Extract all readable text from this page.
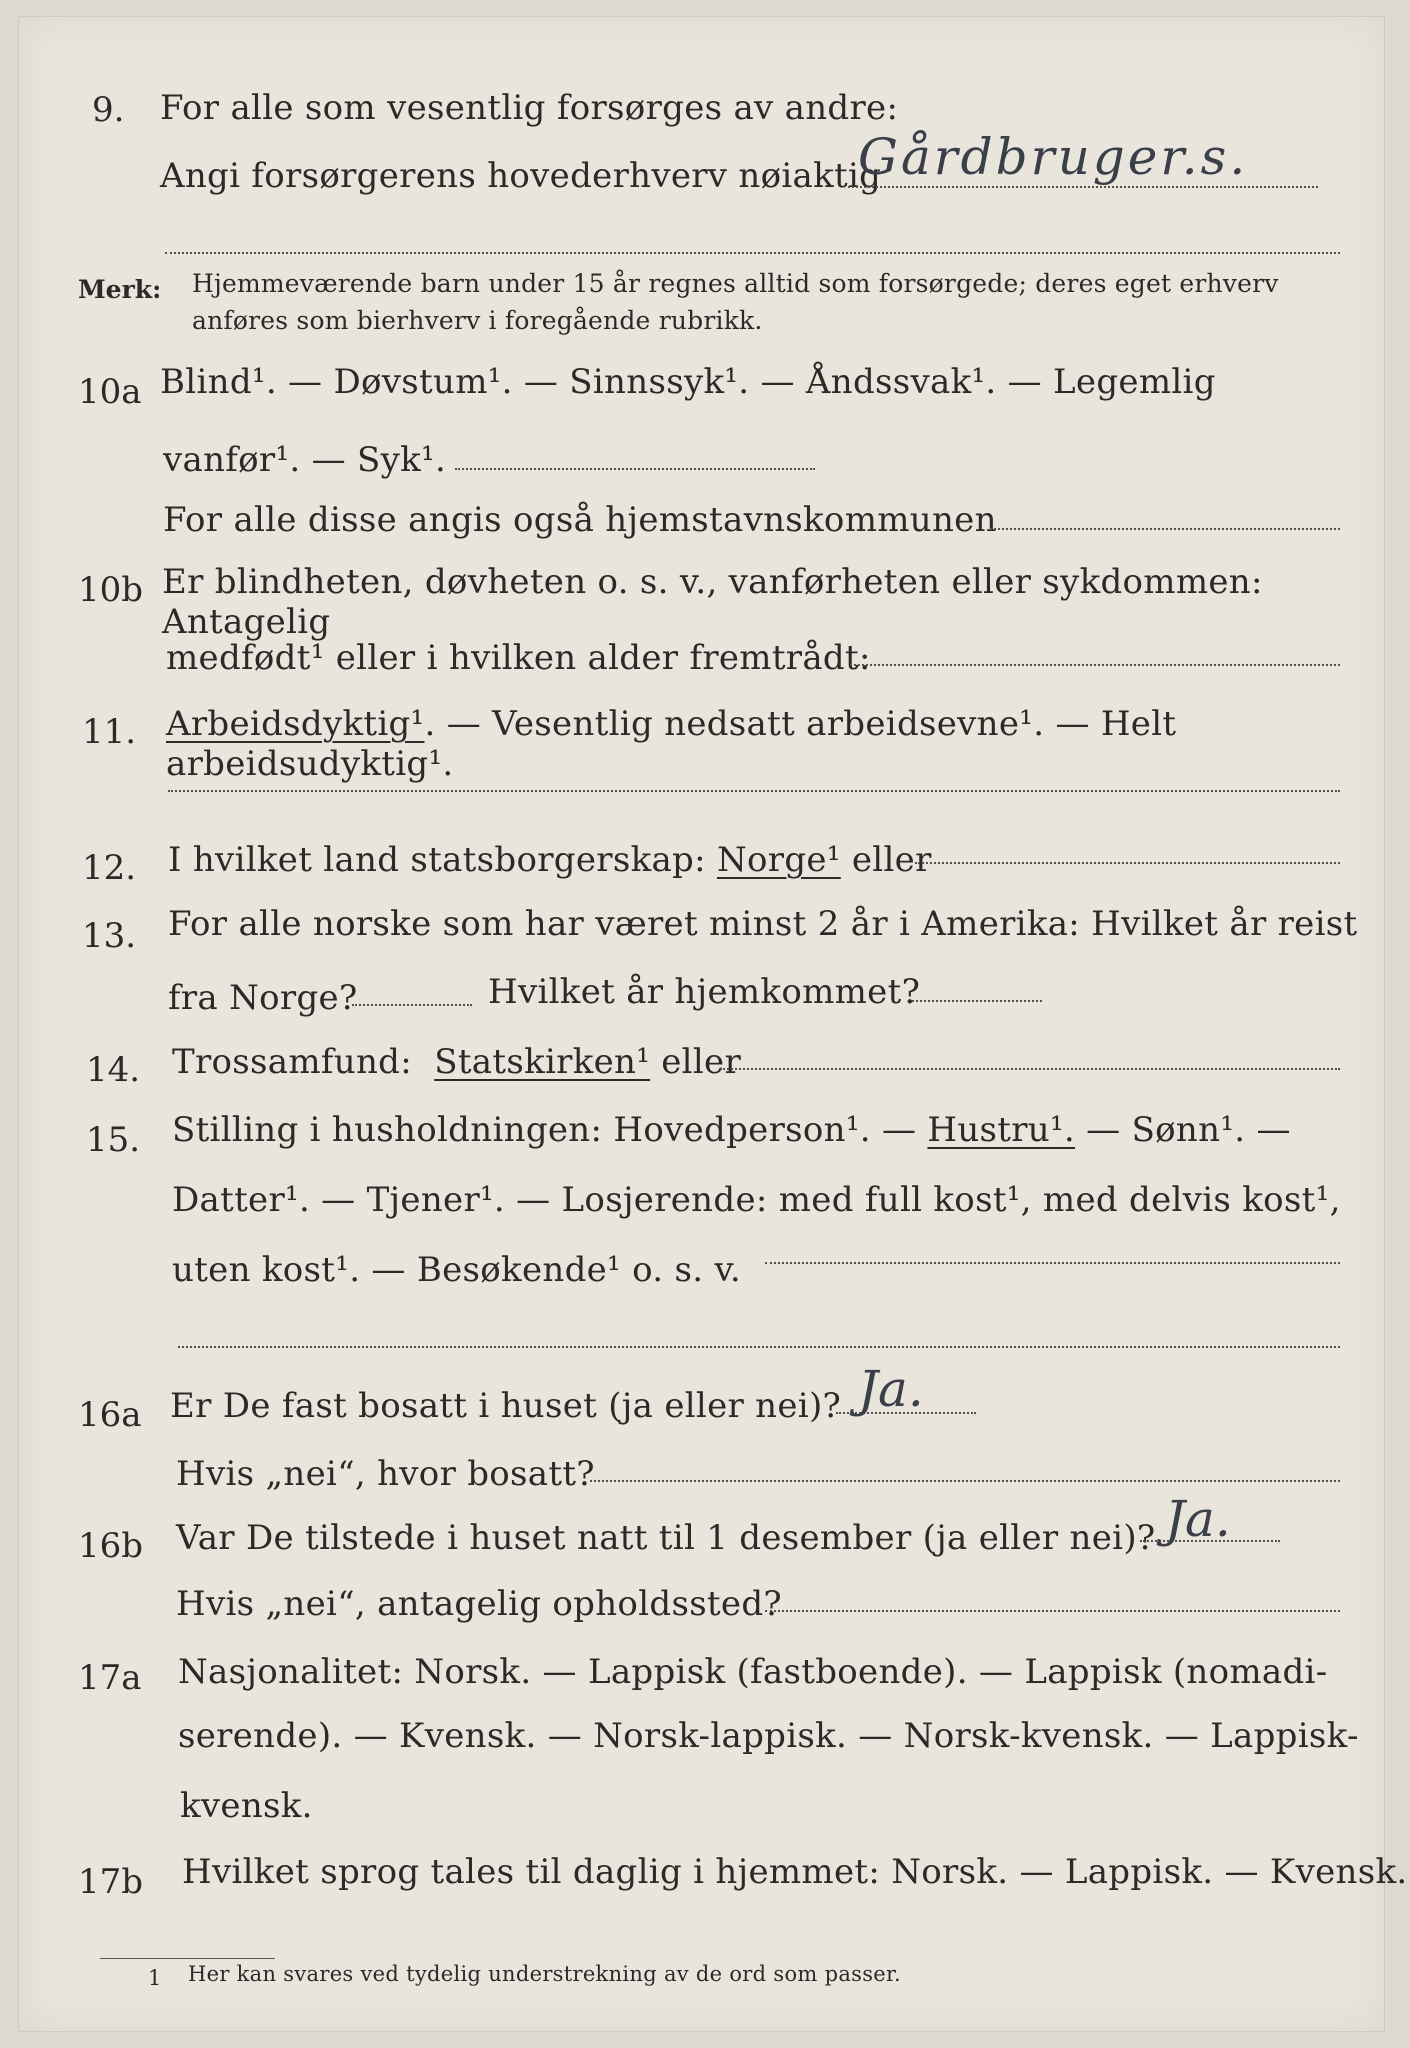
9. For alle som vesentlig forsørges av andre:
Angi forsørgerens hovederhverv nøiaktig
Gårdbruger.s.
Merk: Hjemmeværende barn under 15 år regnes alltid som forsørgede; deres eget erhverv
anføres som bierhverv i foregående rubrikk.
10a Blind¹. — Døvstum¹. — Sinnssyk¹. — Åndssvak¹. — Legemlig
vanfør¹. — Syk¹.
For alle disse angis også hjemstavnskommunen
10b Er blindheten, døvheten o. s. v., vanførheten eller sykdommen: Antagelig
medfødt¹ eller i hvilken alder fremtrådt:
11. Arbeidsdyktig¹. — Vesentlig nedsatt arbeidsevne¹. — Helt arbeidsudyktig¹.
12. I hvilket land statsborgerskap: Norge¹ eller
13. For alle norske som har været minst 2 år i Amerika: Hvilket år reist
fra Norge?	Hvilket år hjemkommet?
14. Trossamfund: Statskirken¹ eller
15. Stilling i husholdningen: Hovedperson¹. — Hustru¹. — Sønn¹. —
Datter¹. — Tjener¹. — Losjerende: med full kost¹, med delvis kost¹,
uten kost¹. — Besøkende¹ o. s. v.
16a Er De fast bosatt i huset (ja eller nei)? Ja.
Hvis „nei“, hvor bosatt?
16b Var De tilstede i huset natt til 1 desember (ja eller nei)? Ja.
Hvis „nei“, antagelig opholdssted?
17a Nasjonalitet: Norsk. — Lappisk (fastboende). — Lappisk (nomadi-
serende). — Kvensk. — Norsk-lappisk. — Norsk-kvensk. — Lappisk-
kvensk.
17b Hvilket sprog tales til daglig i hjemmet: Norsk. — Lappisk. — Kvensk.
1 Her kan svares ved tydelig understrekning av de ord som passer.
